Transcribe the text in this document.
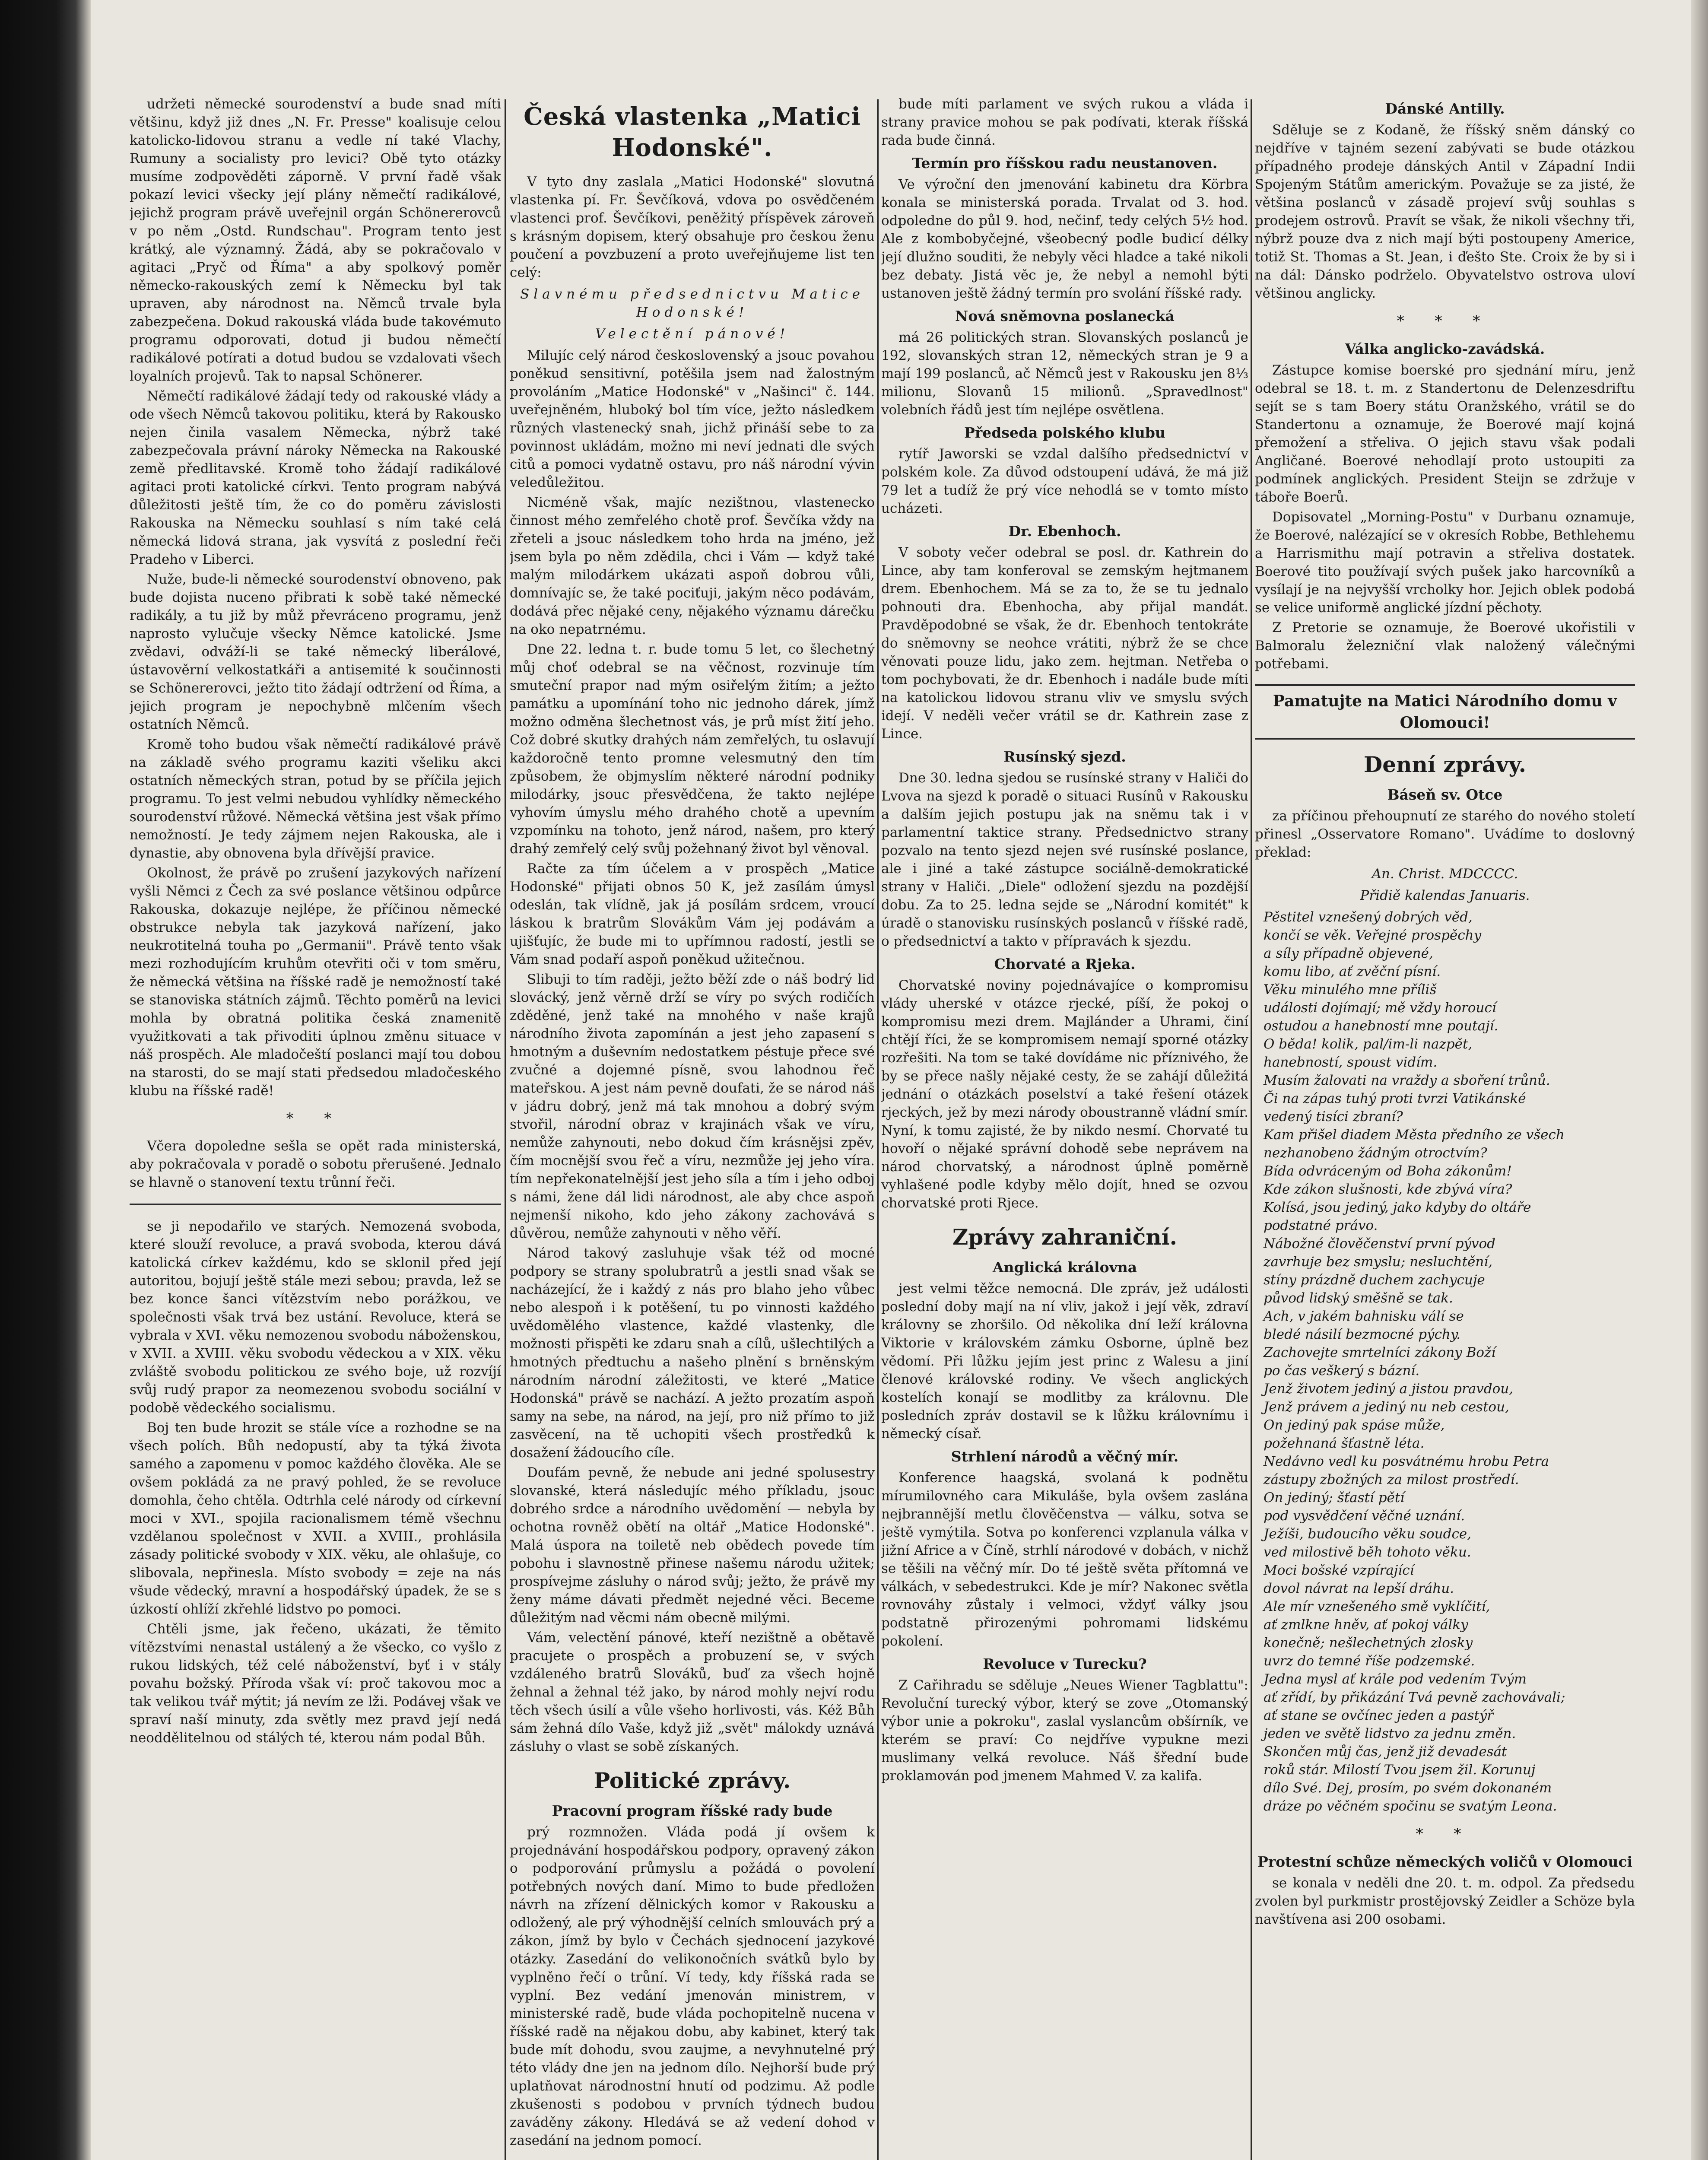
udržeti německé sourodenství a bude snad míti většinu, když již dnes „N. Fr. Presse" koalisuje celou katolicko-lidovou stranu a vedle ní také Vlachy, Rumuny a socialisty pro levici? Obě tyto otázky musíme zodpověděti záporně. V první řadě však pokazí levici všecky její plány němečtí radikálové, jejichž program právě uveřejnil orgán Schönererovců v po něm „Ostd. Rundschau". Program tento jest krátký, ale významný. Žádá, aby se pokračovalo v agitaci „Pryč od Říma" a aby spolkový poměr německo-rakouských zemí k Německu byl tak upraven, aby národnost na. Němců trvale byla zabezpečena. Dokud rakouská vláda bude takovémuto programu odporovati, dotud ji budou němečtí radikálové potírati a dotud budou se vzdalovati všech loyalních projevů. Tak to napsal Schönerer.

Němečtí radikálové žádají tedy od rakouské vlády a ode všech Němců takovou politiku, která by Rakousko nejen činila vasalem Německa, nýbrž také zabezpečovala právní nároky Německa na Rakouské země předlitavské. Kromě toho žádají radikálové agitaci proti katolické církvi. Tento program nabývá důležitosti ještě tím, že co do poměru závislosti Rakouska na Německu souhlasí s ním také celá německá lidová strana, jak vysvítá z poslední řeči Pradeho v Liberci.

Nuže, bude-li německé sourodenství obnoveno, pak bude dojista nuceno přibrati k sobě také německé radikály, a tu již by můž převráceno programu, jenž naprosto vylučuje všecky Němce katolické. Jsme zvědavi, odváží-li se také německý liberálové, ústavověrní velkostatkáři a antisemité k součinnosti se Schönererovci, ježto tito žádají odtržení od Říma, a jejich program je nepochybně mlčením všech ostatních Němců.

Kromě toho budou však němečtí radikálové právě na základě svého programu kaziti všeliku akci ostatních německých stran, potud by se příčila jejich programu. To jest velmi nebudou vyhlídky německého sourodenství růžové. Německá většina jest však přímo nemožností. Je tedy zájmem nejen Rakouska, ale i dynastie, aby obnovena byla dřívější pravice.

Okolnost, že právě po zrušení jazykových nařízení vyšli Němci z Čech za své poslance většinou odpůrce Rakouska, dokazuje nejlépe, že příčinou německé obstrukce nebyla tak jazyková nařízení, jako neukrotitelná touha po „Germanii". Právě tento však mezi rozhodujícím kruhům otevřiti oči v tom směru, že německá většina na říšské radě je nemožností také se stanoviska státních zájmů. Těchto poměrů na levici mohla by obratná politika česká znamenitě využitkovati a tak přivoditi úplnou změnu situace v náš prospěch. Ale mladočeští poslanci mají tou dobou na starosti, do se mají stati předsedou mladočeského klubu na říšské radě!

* *

Včera dopoledne sešla se opět rada ministerská, aby pokračovala v poradě o sobotu přerušené. Jednalo se hlavně o stanovení textu trůnní řeči.

se ji nepodařilo ve starých. Nemozená svoboda, které slouží revoluce, a pravá svoboda, kterou dává katolická církev každému, kdo se sklonil před její autoritou, bojují ještě stále mezi sebou; pravda, lež se bez konce šanci vítězstvím nebo porážkou, ve společnosti však trvá bez ustání. Revoluce, která se vybrala v XVI. věku nemozenou svobodu náboženskou, v XVII. a XVIII. věku svobodu vědeckou a v XIX. věku zvláště svobodu politickou ze svého boje, už rozvíjí svůj rudý prapor za neomezenou svobodu sociální v podobě vědeckého socialismu.

Boj ten bude hrozit se stále více a rozhodne se na všech polích. Bůh nedopustí, aby ta týká života samého a zapomenu v pomoc každého člověka. Ale se ovšem pokládá za ne pravý pohled, že se revoluce domohla, čeho chtěla. Odtrhla celé národy od církevní moci v XVI., spojila racionalismem témě všechnu vzdělanou společnost v XVII. a XVIII., prohlásila zásady politické svobody v XIX. věku, ale ohlašuje, co slibovala, nepřinesla. Místo svobody = zeje na nás všude vědecký, mravní a hospodářský úpadek, že se s úzkostí ohlíží zkřehlé lidstvo po pomoci.

Chtěli jsme, jak řečeno, ukázati, že těmito vítězstvími nenastal ustálený a že všecko, co vyšlo z rukou lidských, též celé náboženství, byť i v stály povahu božský. Příroda však ví: proč takovou moc a tak velikou tvář mýtit; já nevím ze lži. Podávej však ve spraví naší minuty, zda světly mez pravd její nedá neoddělitelnou od stálých té, kterou nám podal Bůh.

Česká vlastenka „Matici Hodonské".

V tyto dny zaslala „Matici Hodonské" slovutná vlastenka pí. Fr. Ševčíková, vdova po osvědčeném vlastenci prof. Ševčíkovi, peněžitý příspěvek zároveň s krásným dopisem, který obsahuje pro českou ženu poučení a povzbuzení a proto uveřejňujeme list ten celý:

Slavnému předsednictvu Matice Hodonské!
Velectění pánové!

Milujíc celý národ československý a jsouc povahou poněkud sensitivní, potěšila jsem nad žalostným provoláním „Matice Hodonské" v „Našinci" č. 144. uveřejněném, hluboký bol tím více, ježto následkem různých vlastenecký snah, jichž přináší sebe to za povinnost ukládám, možno mi neví jednati dle svých citů a pomoci vydatně ostavu, pro náš národní vývin veledůležitou.

Nicméně však, majíc nezištnou, vlastenecko činnost mého zemřelého chotě prof. Ševčíka vždy na zřeteli a jsouc následkem toho hrda na jméno, jež jsem byla po něm zdědila, chci i Vám — když také malým milodárkem ukázati aspoň dobrou vůli, domnívajíc se, že také pociťuji, jakým něco podávám, dodává přec nějaké ceny, nějakého významu dárečku na oko nepatrnému.

Dne 22. ledna t. r. bude tomu 5 let, co šlechetný můj choť odebral se na věčnost, rozvinuje tím smuteční prapor nad mým osiřelým žitím; a ježto památku a upomínání toho nic jednoho dárek, jímž možno odměna šlechetnost vás, je prů míst žití jeho. Což dobré skutky drahých nám zemřelých, tu oslavují každoročně tento promne velesmutný den tím způsobem, že objmyslím některé národní podniky milodárky, jsouc přesvědčena, že takto nejlépe vyhovím úmyslu mého drahého chotě a upevním vzpomínku na tohoto, jenž národ, našem, pro který drahý zemřelý celý svůj požehnaný život byl věnoval.

Račte za tím účelem a v prospěch „Matice Hodonské" přijati obnos 50 K, jež zasílám úmysl odeslán, tak vlídně, jak já posílám srdcem, vroucí láskou k bratrům Slovákům Vám jej podávám a ujišťujíc, že bude mi to upřímnou radostí, jestli se Vám snad podaří aspoň poněkud užitečnou.

Slibuji to tím raději, ježto běží zde o náš bodrý lid slovácký, jenž věrně drží se víry po svých rodičích zděděné, jenž také na mnohého v naše krajů národního života zapomínán a jest jeho zapasení s hmotným a duševním nedostatkem péstuje přece své zvučné a dojemné písně, svou lahodnou řeč mateřskou. A jest nám pevně doufati, že se národ náš v jádru dobrý, jenž má tak mnohou a dobrý svým stvořil, národní obraz v krajinách však ve víru, nemůže zahynouti, nebo dokud čím krásnějsi zpěv, čím mocnější svou řeč a víru, nezmůže jej jeho víra. tím nepřekonatelnější jest jeho síla a tím i jeho odboj s námi, žene dál lidi národnost, ale aby chce aspoň nejmenší nikoho, kdo jeho zákony zachovává s důvěrou, nemůže zahynouti v něho věří.

Národ takový zasluhuje však též od mocné podpory se strany spolubratrů a jestli snad však se nacházející, že i každý z nás pro blaho jeho vůbec nebo alespoň i k potěšení, tu po vinnosti každého uvědomělého vlastence, každé vlastenky, dle možnosti přispěti ke zdaru snah a cílů, ušlechtilých a hmotných předtuchu a našeho plnění s brněnským národním národní záležitosti, ve které „Matice Hodonská" právě se nachází. A ježto prozatím aspoň samy na sebe, na národ, na její, pro niž přímo to již zasvěcení, na tě uchopiti všech prostředků k dosažení žádoucího cíle.

Doufám pevně, že nebude ani jedné spolusestry slovanské, která následujíc mého příkladu, jsouc dobrého srdce a národního uvědomění — nebyla by ochotna rovněž obětí na oltář „Matice Hodonské". Malá úspora na toiletě neb obědech povede tím pobohu i slavnostně přinese našemu národu užitek; prospívejme zásluhy o národ svůj; ježto, že právě my ženy máme dávati předmět nejedné věci. Beceme důležitým nad věcmi nám obecně milými.

Vám, velectění pánové, kteří nezištně a obětavě pracujete o prospěch a probuzení se, v svých vzdáleného bratrů Slováků, buď za všech hojně žehnal a žehnal též jako, by národ mohly nejví rodu těch všech úsilí a vůle všeho horlivosti, vás. Kéž Bůh sám žehná dílo Vaše, když již „svět" málokdy uznává zásluhy o vlast se sobě získaných.

Politické zprávy.
Pracovní program říšské rady bude

prý rozmnožen. Vláda podá jí ovšem k projednávání hospodářskou podpory, opravený zákon o podporování průmyslu a požádá o povolení potřebných nových daní. Mimo to bude předložen návrh na zřízení dělnických komor v Rakousku a odložený, ale prý výhodnější celních smlouvách prý a zákon, jímž by bylo v Čechách sjednocení jazykové otázky. Zasedání do velikonočních svátků bylo by vyplněno řečí o trůní. Ví tedy, kdy říšská rada se vyplní. Bez vedání jmenován ministrem, v ministerské radě, bude vláda pochopitelně nucena v říšské radě na nějakou dobu, aby kabinet, který tak bude mít dohodu, svou zaujme, a nevyhnutelné prý této vlády dne jen na jednom dílo. Nejhorší bude prý uplatňovat národnostní hnutí od podzimu. Až podle zkušenosti s podobou v prvních týdnech budou zaváděny zákony. Hledává se až vedení dohod v zasedání na jednom pomocí.

bude míti parlament ve svých rukou a vláda i strany pravice mohou se pak podívati, kterak říšská rada bude činná.

Termín pro říšskou radu neustanoven.

Ve výroční den jmenování kabinetu dra Körbra konala se ministerská porada. Trvalat od 3. hod. odpoledne do půl 9. hod, nečinf, tedy celých 5½ hod. Ale z kombobyčejné, všeobecný podle budicí délky její dlužno souditi, že nebyly věci hladce a také nikoli bez debaty. Jistá věc je, že nebyl a nemohl býti ustanoven ještě žádný termín pro svolání říšské rady.

Nová sněmovna poslanecká

má 26 politických stran. Slovanských poslanců je 192, slovanských stran 12, německých stran je 9 a mají 199 poslanců, ač Němců jest v Rakousku jen 8⅓ milionu, Slovanů 15 milionů. „Spravedlnost" volebních řádů jest tím nejlépe osvětlena.

Předseda polského klubu

rytíř Jaworski se vzdal dalšího předsednictví v polském kole. Za důvod odstoupení udává, že má již 79 let a tudíž že prý více nehodlá se v tomto místo ucházeti.

Dr. Ebenhoch.

V soboty večer odebral se posl. dr. Kathrein do Lince, aby tam konferoval se zemským hejtmanem drem. Ebenhochem. Má se za to, že se tu jednalo pohnouti dra. Ebenhocha, aby přijal mandát. Pravděpodobné se však, že dr. Ebenhoch tentokráte do sněmovny se neohce vrátiti, nýbrž že se chce věnovati pouze lidu, jako zem. hejtman. Netřeba o tom pochybovati, že dr. Ebenhoch i nadále bude míti na katolickou lidovou stranu vliv ve smyslu svých idejí. V neděli večer vrátil se dr. Kathrein zase z Lince.

Rusínský sjezd.

Dne 30. ledna sjedou se rusínské strany v Haliči do Lvova na sjezd k poradě o situaci Rusínů v Rakousku a dalším jejich postupu jak na sněmu tak i v parlamentní taktice strany. Předsednictvo strany pozvalo na tento sjezd nejen své rusínské poslance, ale i jiné a také zástupce sociálně-demokratické strany v Haliči. „Diele" odložení sjezdu na pozdější dobu. Za to 25. ledna sejde se „Národní komitét" k úradě o stanovisku rusínských poslanců v říšské radě, o předsednictví a takto v přípravách k sjezdu.

Chorvaté a Rjeka.

Chorvatské noviny pojednávajíce o kompromisu vlády uherské v otázce rjecké, píší, že pokoj o kompromisu mezi drem. Majlánder a Uhrami, činí chtějí říci, že se kompromisem nemají sporné otázky rozřešiti. Na tom se také dovídáme nic příznivého, že by se přece našly nějaké cesty, že se zahájí důležitá jednání o otázkách poselství a také řešení otázek rjeckých, jež by mezi národy oboustranně vládní smír. Nyní, k tomu zajisté, že by nikdo nesmí. Chorvaté tu hovoří o nějaké správní dohodě sebe neprávem na národ chorvatský, a národnost úplně poměrně vyhlašené podle kdyby mělo dojít, hned se ozvou chorvatské proti Rjece.

Zprávy zahraniční.
Anglická královna

jest velmi těžce nemocná. Dle zpráv, jež události poslední doby mají na ní vliv, jakož i její věk, zdraví královny se zhoršilo. Od několika dní leží královna Viktorie v královském zámku Osborne, úplně bez vědomí. Při lůžku jejím jest princ z Walesu a jiní členové královské rodiny. Ve všech anglických kostelích konají se modlitby za královnu. Dle posledních zpráv dostavil se k lůžku královnímu i německý císař.

Strhlení národů a věčný mír.

Konference haagská, svolaná k podnětu mírumilovného cara Mikuláše, byla ovšem zaslána nejbrannější metlu člověčenstva — válku, sotva se ještě vymýtila. Sotva po konferenci vzplanula válka v jižní Africe a v Číně, strhlí národové v dobách, v nichž se těšili na věčný mír. Do té ještě světa přítomná ve válkách, v sebedestrukci. Kde je mír? Nakonec světla rovnováhy zůstaly i velmoci, vždyť války jsou podstatně přirozenými pohromami lidskému pokolení.

Revoluce v Turecku?

Z Cařihradu se sděluje „Neues Wiener Tagblattu": Revoluční turecký výbor, který se zove „Otomanský výbor unie a pokroku", zaslal vyslancům obšírník, ve kterém se praví: Co nejdříve vypukne mezi muslimany velká revoluce. Náš šřední bude proklamován pod jmenem Mahmed V. za kalifa.

Dánské Antilly.

Sděluje se z Kodaně, že říšský sněm dánský co nejdříve v tajném sezení zabývati se bude otázkou případného prodeje dánských Antil v Západní Indii Spojeným Státům americkým. Považuje se za jisté, že většina poslanců v zásadě projeví svůj souhlas s prodejem ostrovů. Pravít se však, že nikoli všechny tři, nýbrž pouze dva z nich mají býti postoupeny Americe, totiž St. Thomas a St. Jean, i ďešto Ste. Croix že by si i na dál: Dánsko podrželo. Obyvatelstvo ostrova uloví většinou anglicky.

* * *
Válka anglicko-zavádská.

Zástupce komise boerské pro sjednání míru, jenž odebral se 18. t. m. z Standertonu de Delenzesdriftu sejít se s tam Boery státu Oranžského, vrátil se do Standertonu a oznamuje, že Boerové mají kojná přemožení a střeliva. O jejich stavu však podali Angličané. Boerové nehodlají proto ustoupiti za podmínek anglických. President Steijn se zdržuje v táboře Boerů.

Dopisovatel „Morning-Postu" v Durbanu oznamuje, že Boerové, nalézající se v okresích Robbe, Bethlehemu a Harrismithu mají potravin a střeliva dostatek. Boerové tito používají svých pušek jako harcovníků a vysílají je na nejvyšší vrcholky hor. Jejich oblek podobá se velice uniformě anglické jízdní pěchoty.

Z Pretorie se oznamuje, že Boerové ukořistili v Balmoralu železniční vlak naložený válečnými potřebami.

Pamatujte na Matici Národního domu v Olomouci!
Denní zprávy.
Báseň sv. Otce

za příčinou přehoupnutí ze starého do nového století přinesl „Osservatore Romano". Uvádíme to doslovný překlad:

An. Christ. MDCCCC.
Přidiě kalendas Januaris.
Pěstitel vznešený dobrých věd,
končí se věk. Veřejné prospěchy
a síly případně objevené,
komu libo, ať zvěční písní.
Věku minulého mne příliš
události dojímají; mě vždy horoucí
ostudou a hanebností mne poutají.
O běda! kolik, pal/im-li nazpět,
hanebností, spoust vidím.
Musím žalovati na vraždy a sboření trůnů.
Či na zápas tuhý proti tvrzi Vatikánské
vedený tisíci zbraní?
Kam přišel diadem Města předního ze všech
nezhanobeno žádným otroctvím?
Bída odvráceným od Boha zákonům!
Kde zákon slušnosti, kde zbývá víra?
Kolísá, jsou jediný, jako kdyby do oltáře
podstatné právo.
Nábožné člověčenství první pývod
zavrhuje bez smyslu; nesluchtění,
stíny prázdně duchem zachycuje
původ lidský směšně se tak.
Ach, v jakém bahnisku válí se
bledé násilí bezmocné pýchy.
Zachovejte smrtelníci zákony Boží
po čas veškerý s bázní.
Jenž životem jediný a jistou pravdou,
Jenž právem a jediný nu neb cestou,
On jediný pak spáse může,
požehnaná šťastně léta.
Nedávno vedl ku posvátnému hrobu Petra
zástupy zbožných za milost prostředí.
On jediný; šťastí pětí
pod vysvědčení věčné uznání.
Ježíši, budoucího věku soudce,
ved milostivě běh tohoto věku.
Moci bošské vzpírající
dovol návrat na lepší dráhu.
Ale mír vznešeného smě vyklíčití,
ať zmlkne hněv, ať pokoj války
konečně; nešlechetných zlosky
uvrz do temné říše podzemské.
Jedna mysl ať krále pod vedením Tvým
ať zřídí, by přikázání Tvá pevně zachovávali;
ať stane se ovčínec jeden a pastýř
jeden ve světě lidstvo za jednu změn.
Skončen můj čas, jenž již devadesát
roků stár. Milostí Tvou jsem žil. Korunuj
dílo Své. Dej, prosím, po svém dokonaném
dráze po věčném spočinu se svatým Leona.
* *
Protestní schůze německých voličů v Olomouci

se konala v neděli dne 20. t. m. odpol. Za předsedu zvolen byl purkmistr prostějovský Zeidler a Schöze byla navštívena asi 200 osobami.
